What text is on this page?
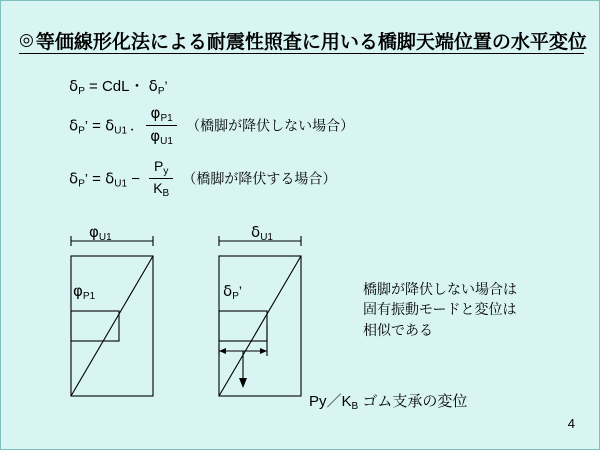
◎ 等価線形化法による耐震性照査に用いる橋脚天端位置の水平変位
$\delta_P$ = CdL・ $\delta_P$’
$\delta_P$’ = $\delta_{U1・} \frac{\varphi_{P1}}{\varphi_{U1}}$ （橋脚が降伏しない場合）
$\delta_P$’ = $\delta_{U1} - \frac{P_y}{K_B}$ （橋脚が降伏する場合）
$\varphi_{U1}$	$\delta_{U1}$
$\varphi_{P1}$	$\delta_P$’	橋脚が降伏しない場合は
固有振動モードと変位は
相似である
$Py/K_B$ ゴム支承の変位
4
